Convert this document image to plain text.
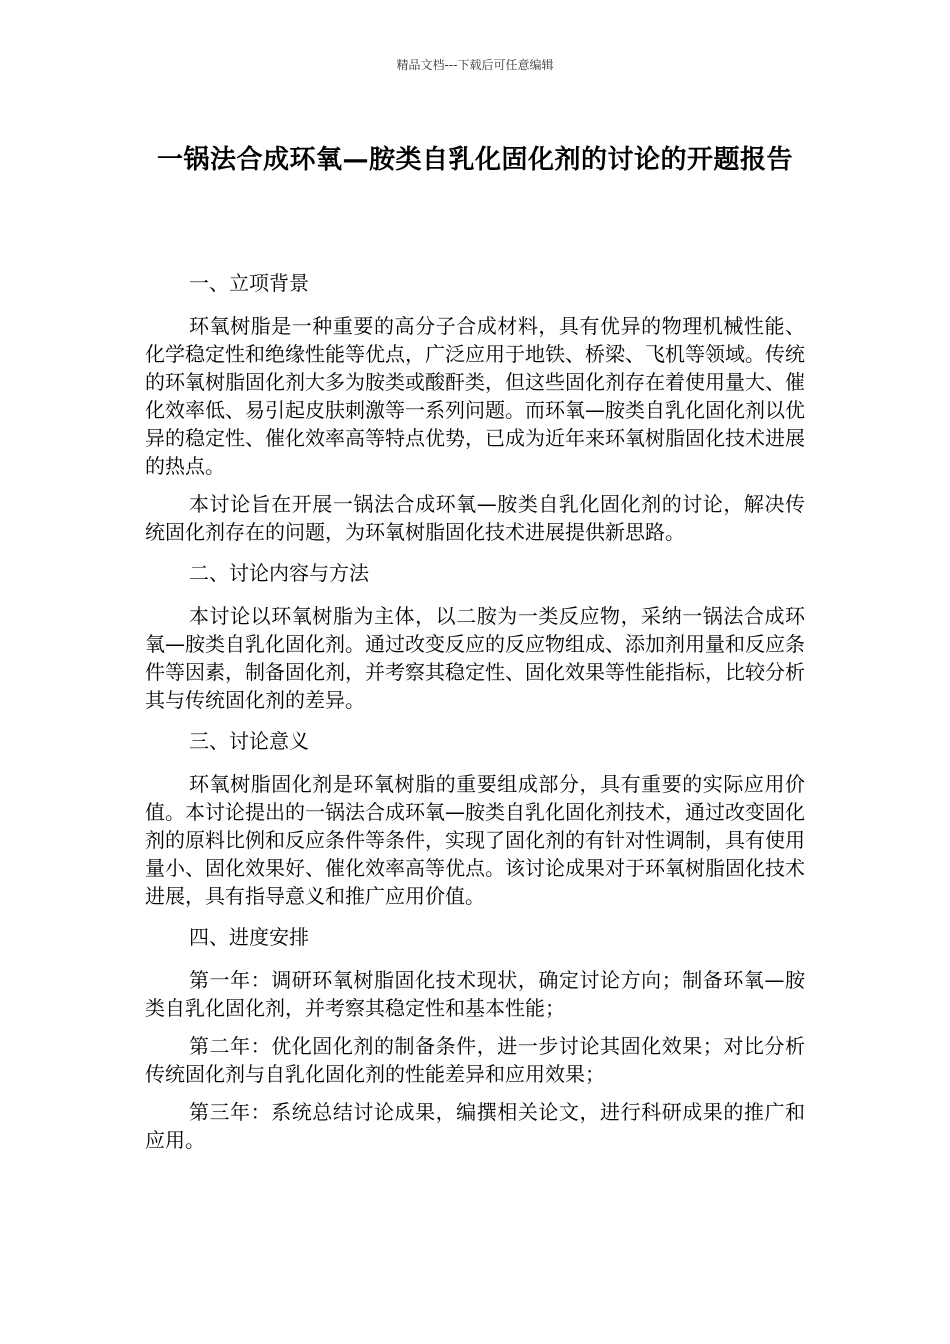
精品文档---下载后可任意编辑
一锅法合成环氧—胺类自乳化固化剂的讨论的开题报告

一、立项背景

环氧树脂是一种重要的高分子合成材料，具有优异的物理机械性能、化学稳定性和绝缘性能等优点，广泛应用于地铁、桥梁、飞机等领域。传统的环氧树脂固化剂大多为胺类或酸酐类，但这些固化剂存在着使用量大、催化效率低、易引起皮肤刺激等一系列问题。而环氧—胺类自乳化固化剂以优异的稳定性、催化效率高等特点优势，已成为近年来环氧树脂固化技术进展的热点。

本讨论旨在开展一锅法合成环氧—胺类自乳化固化剂的讨论，解决传统固化剂存在的问题，为环氧树脂固化技术进展提供新思路。

二、讨论内容与方法

本讨论以环氧树脂为主体，以二胺为一类反应物，采纳一锅法合成环氧—胺类自乳化固化剂。通过改变反应的反应物组成、添加剂用量和反应条件等因素，制备固化剂，并考察其稳定性、固化效果等性能指标，比较分析其与传统固化剂的差异。

三、讨论意义

环氧树脂固化剂是环氧树脂的重要组成部分，具有重要的实际应用价值。本讨论提出的一锅法合成环氧—胺类自乳化固化剂技术，通过改变固化剂的原料比例和反应条件等条件，实现了固化剂的有针对性调制，具有使用量小、固化效果好、催化效率高等优点。该讨论成果对于环氧树脂固化技术进展，具有指导意义和推广应用价值。

四、进度安排

第一年：调研环氧树脂固化技术现状，确定讨论方向；制备环氧—胺类自乳化固化剂，并考察其稳定性和基本性能；

第二年：优化固化剂的制备条件，进一步讨论其固化效果；对比分析传统固化剂与自乳化固化剂的性能差异和应用效果；

第三年：系统总结讨论成果，编撰相关论文，进行科研成果的推广和应用。
